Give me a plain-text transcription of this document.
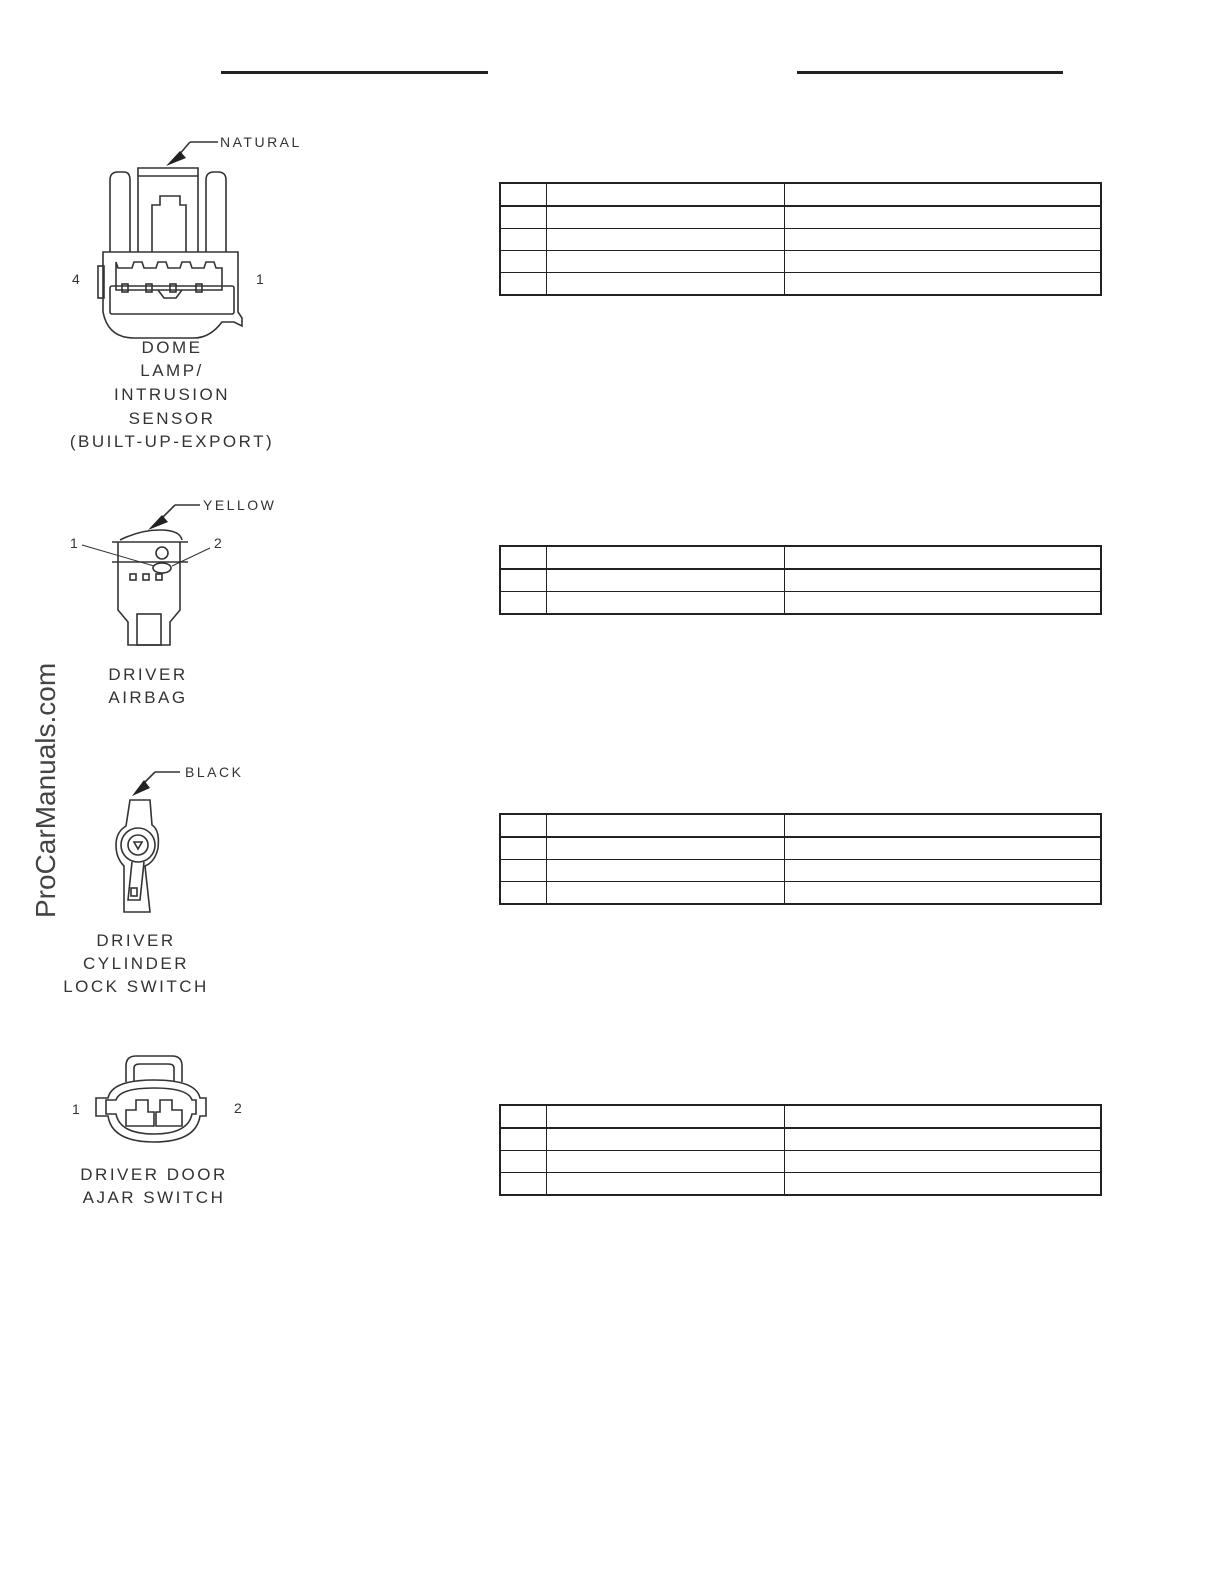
ProCarManuals.com
NATURAL
4	1
DOME
LAMP/
INTRUSION
SENSOR
(BUILT-UP-EXPORT)
YELLOW
1	2
DRIVER
AIRBAG
BLACK
DRIVER
CYLINDER
LOCK SWITCH
1	2
DRIVER DOOR
AJAR SWITCH
